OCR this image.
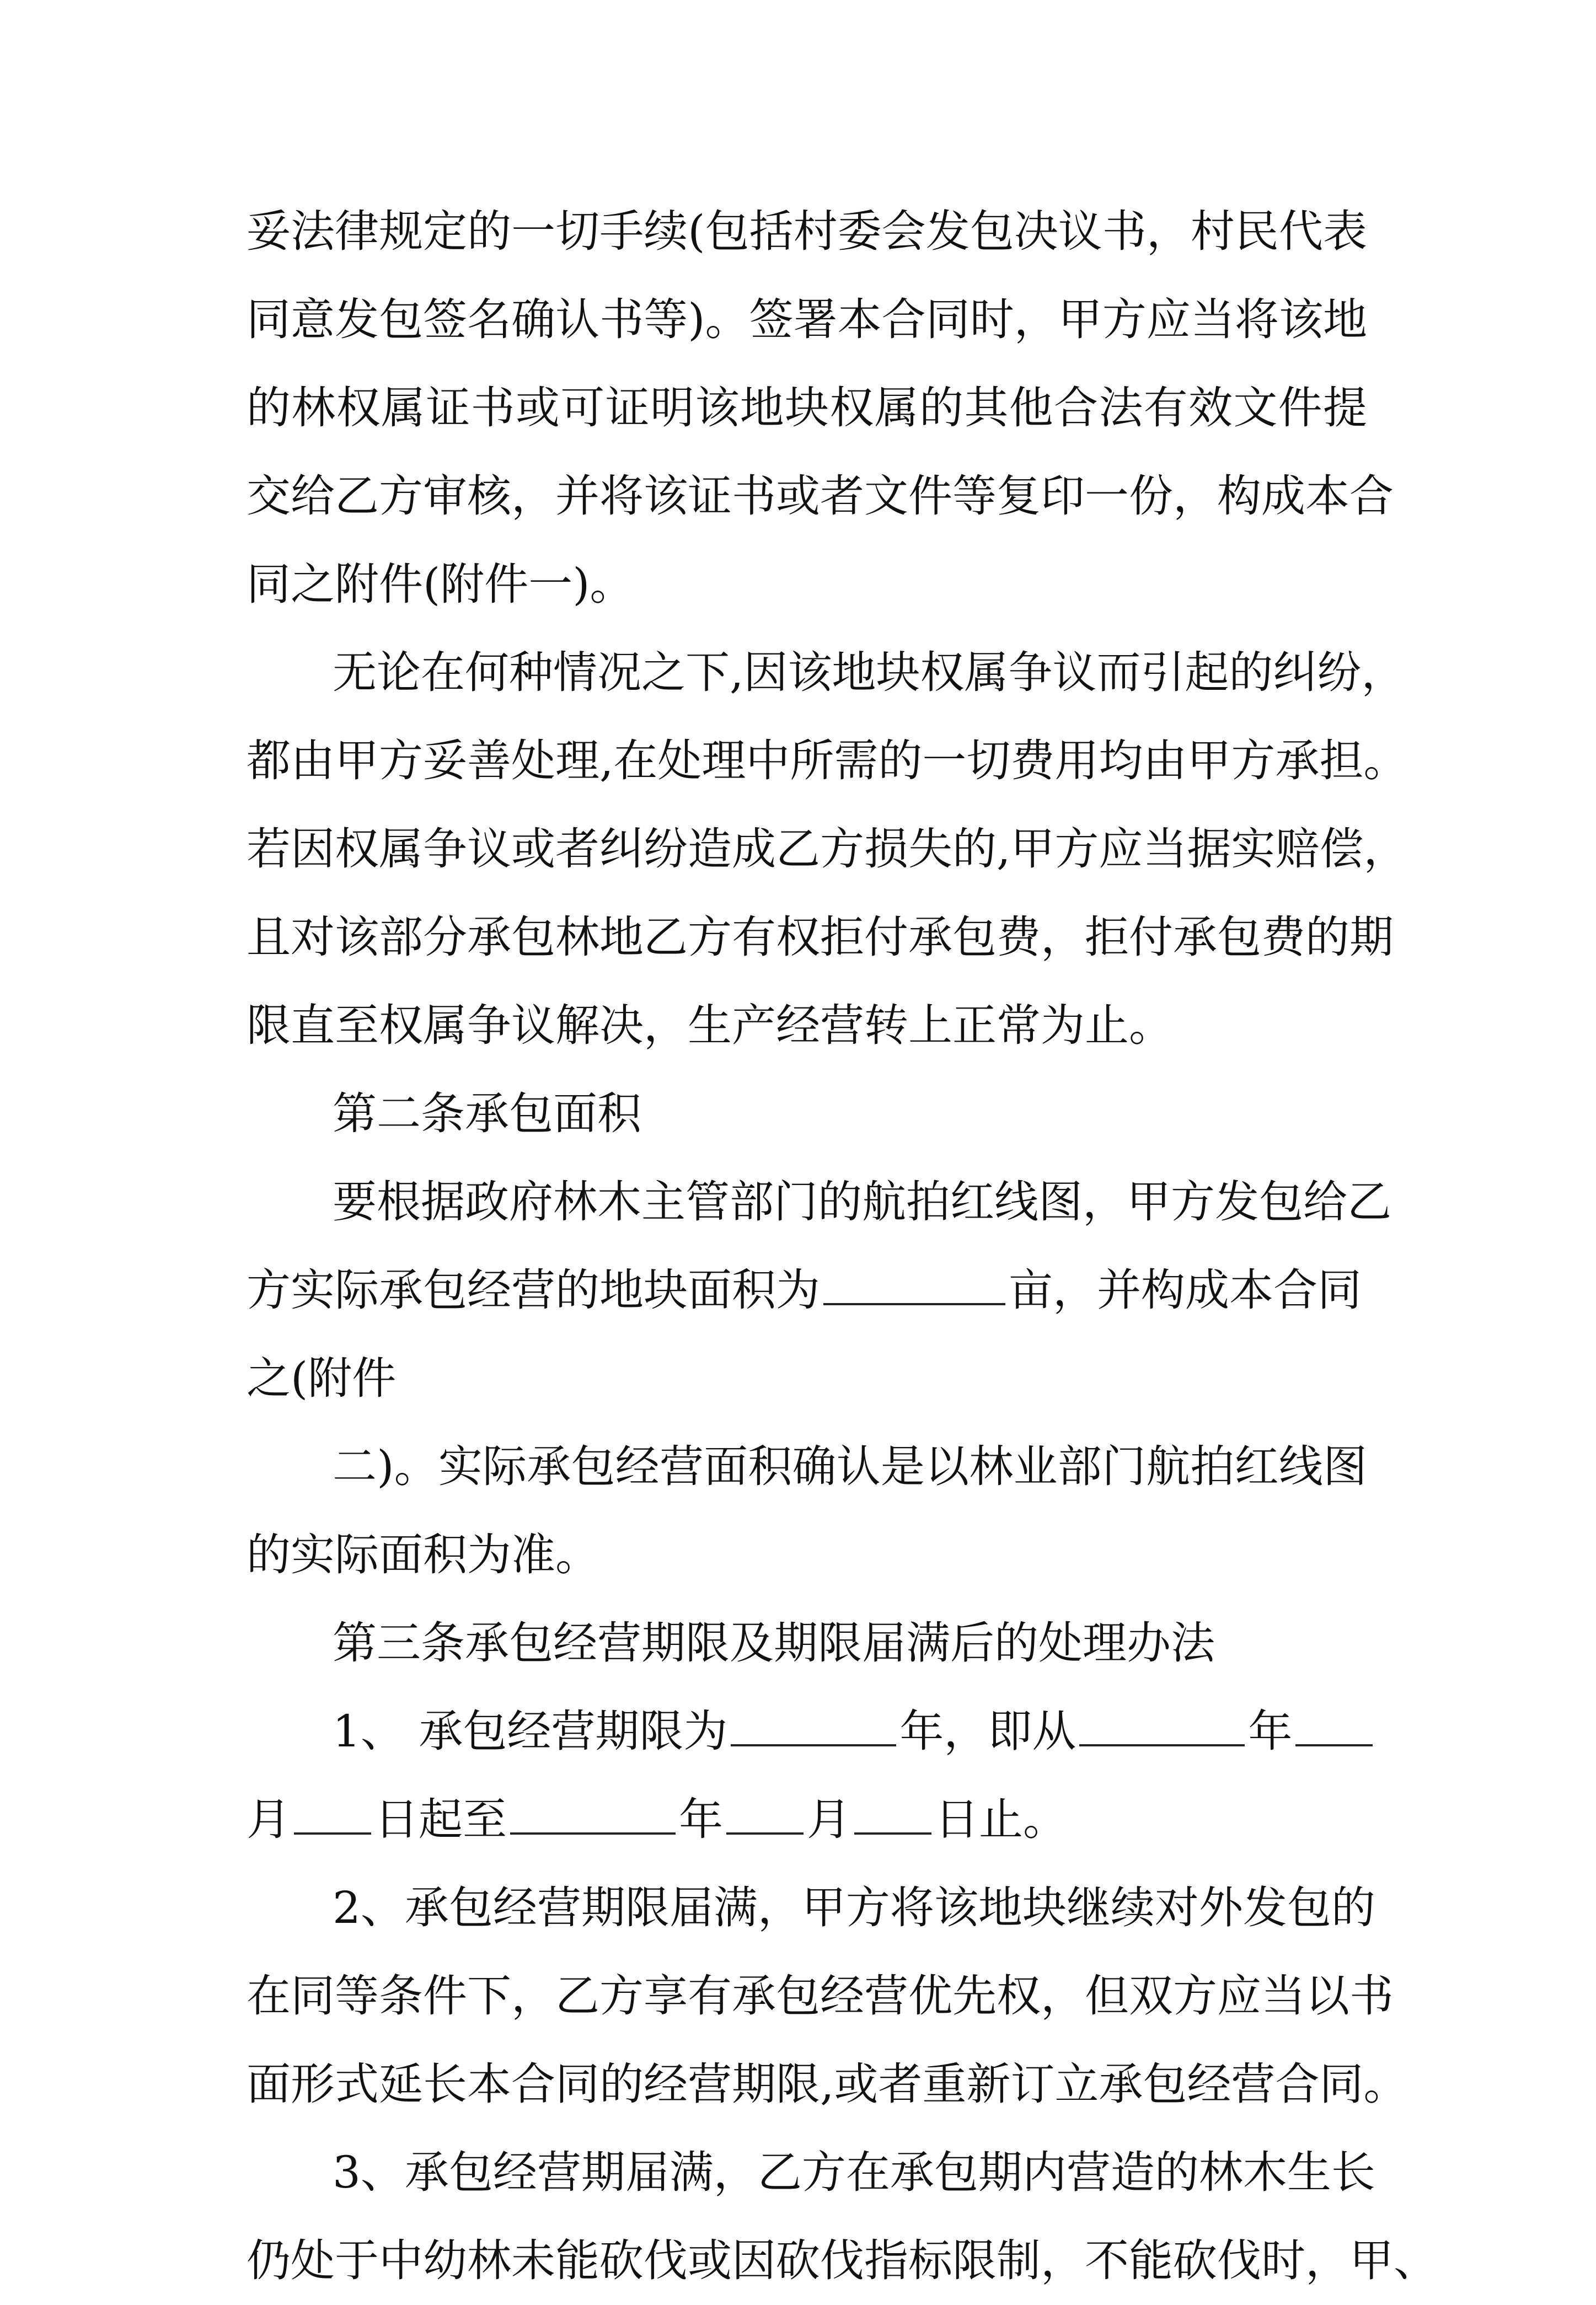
妥法律规定的一切手续(包括村委会发包决议书，村民代表
同意发包签名确认书等)。签署本合同时，甲方应当将该地
的林权属证书或可证明该地块权属的其他合法有效文件提
交给乙方审核，并将该证书或者文件等复印一份，构成本合
同之附件(附件一)。
无论在何种情况之下,因该地块权属争议而引起的纠纷，
都由甲方妥善处理,在处理中所需的一切费用均由甲方承担。
若因权属争议或者纠纷造成乙方损失的,甲方应当据实赔偿，
且对该部分承包林地乙方有权拒付承包费，拒付承包费的期
限直至权属争议解决，生产经营转上正常为止。
第二条承包面积
要根据政府林木主管部门的航拍红线图，甲方发包给乙
方实际承包经营的地块面积为	亩，并构成本合同
之(附件
二)。实际承包经营面积确认是以林业部门航拍红线图
的实际面积为准。
第三条承包经营期限及期限届满后的处理办法
1、 承包经营期限为	年，即从	年
月 日起至	年 月 日止。
2、承包经营期限届满，甲方将该地块继续对外发包的
在同等条件下，乙方享有承包经营优先权，但双方应当以书
面形式延长本合同的经营期限,或者重新订立承包经营合同。
3、承包经营期届满，乙方在承包期内营造的林木生长
仍处于中幼林未能砍伐或因砍伐指标限制，不能砍伐时，甲、
